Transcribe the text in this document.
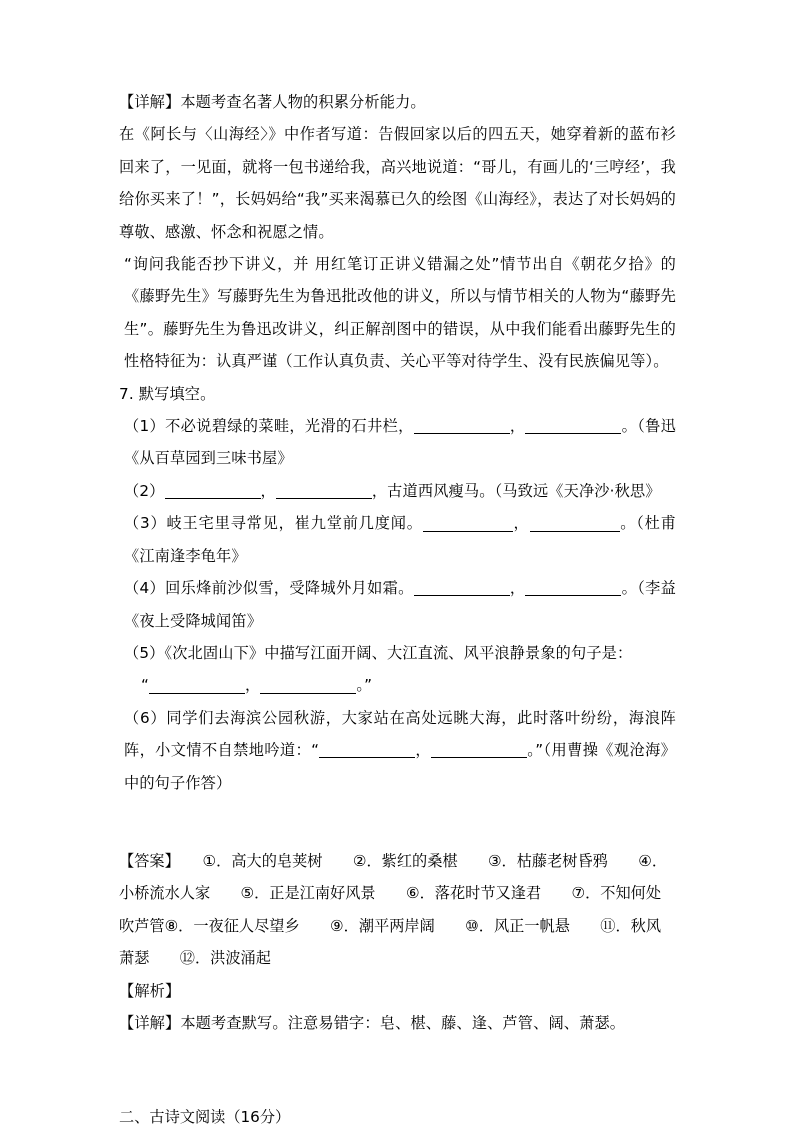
【详解】本题考查名著人物的积累分析能力。

在《阿长与〈山海经〉》中作者写道：告假回家以后的四五天，她穿着新的蓝布衫回来了，一见面，就将一包书递给我，高兴地说道：“哥儿，有画儿的‘三哼经’，我给你买来了！”，长妈妈给“我”买来渴慕已久的绘图《山海经》，表达了对长妈妈的尊敬、感激、怀念和祝愿之情。

“询问我能否抄下讲义，并 用红笔订正讲义错漏之处”情节出自《朝花夕拾》的《藤野先生》写藤野先生为鲁迅批改他的讲义，所以与情节相关的人物为“藤野先生”。藤野先生为鲁迅改讲义，纠正解剖图中的错误，从中我们能看出藤野先生的性格特征为：认真严谨（工作认真负责、关心平等对待学生、没有民族偏见等）。

7. 默写填空。

（1）不必说碧绿的菜畦，光滑的石井栏，	，	。（鲁迅《从百草园到三味书屋》

（2）	，	，古道西风瘦马。（马致远《天净沙·秋思》

（3）岐王宅里寻常见，崔九堂前几度闻。	，	。（杜甫《江南逢李龟年》

（4）回乐烽前沙似雪，受降城外月如霜。	，	。（李益《夜上受降城闻笛》

（5）《次北固山下》中描写江面开阔、大江直流、风平浪静景象的句子是：

“	，	。”

（6）同学们去海滨公园秋游，大家站在高处远眺大海，此时落叶纷纷，海浪阵阵，小文情不自禁地吟道：“	，	。”（用曹操《观沧海》中的句子作答）

【答案】　　①．高大的皂荚树　　②．紫红的桑椹　　③．枯藤老树昏鸦　　④．小桥流水人家　　⑤．正是江南好风景　　⑥．落花时节又逢君　　⑦．不知何处吹芦管⑧．一夜征人尽望乡　　⑨．潮平两岸阔　　⑩．风正一帆悬　　⑪．秋风萧瑟　　⑫．洪波涌起

【解析】

【详解】本题考查默写。注意易错字：皂、椹、藤、逢、芦管、阔、萧瑟。

二、古诗文阅读（16分）
